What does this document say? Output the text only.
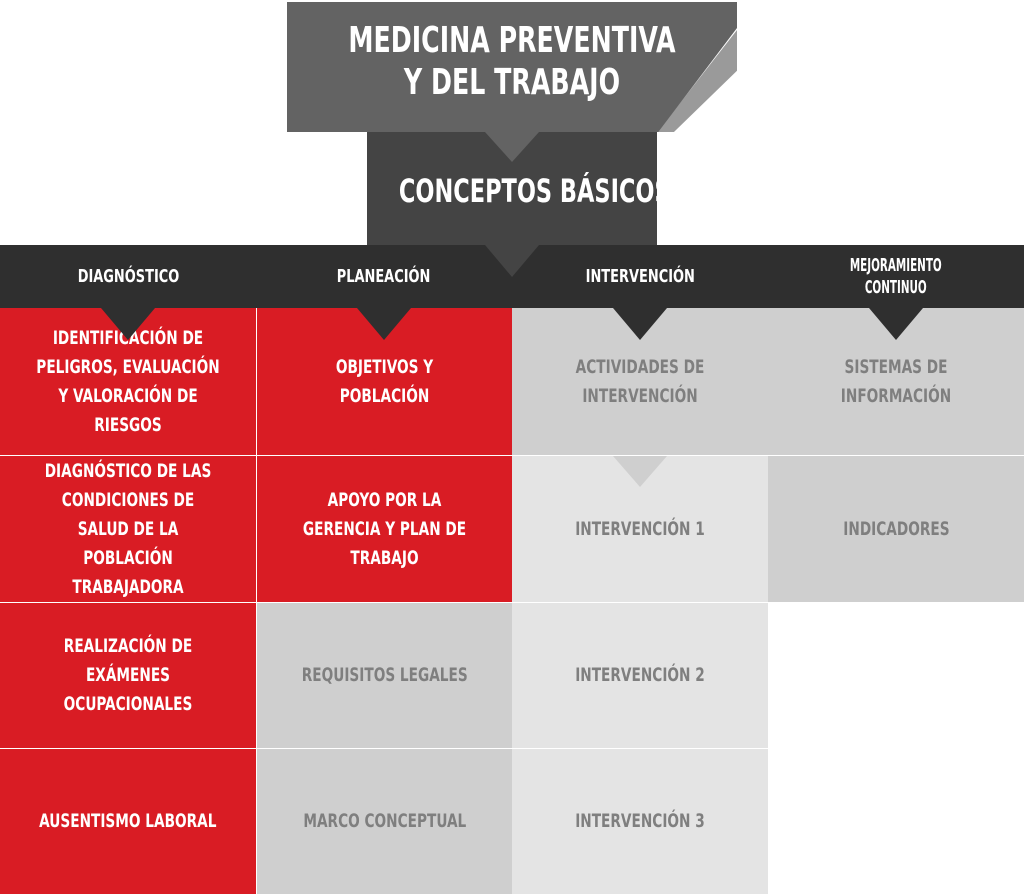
MEDICINA PREVENTIVA
Y DEL TRABAJO
CONCEPTOS BÁSICOS
DIAGNÓSTICO	PLANEACIÓN	INTERVENCIÓN
MEJORAMIENTO
CONTINUO
IDENTIFICACIÓN DE PELIGROS, EVALUACIÓN Y VALORACIÓN DE RIESGOS
DIAGNÓSTICO DE LAS CONDICIONES DE SALUD DE LA POBLACIÓN TRABAJADORA
REALIZACIÓN DE EXÁMENES OCUPACIONALES
AUSENTISMO LABORAL
OBJETIVOS Y POBLACIÓN
APOYO POR LA GERENCIA Y PLAN DE TRABAJO
REQUISITOS LEGALES
MARCO CONCEPTUAL
ACTIVIDADES DE INTERVENCIÓN
INTERVENCIÓN 1
INTERVENCIÓN 2
INTERVENCIÓN 3
SISTEMAS DE INFORMACIÓN
INDICADORES
